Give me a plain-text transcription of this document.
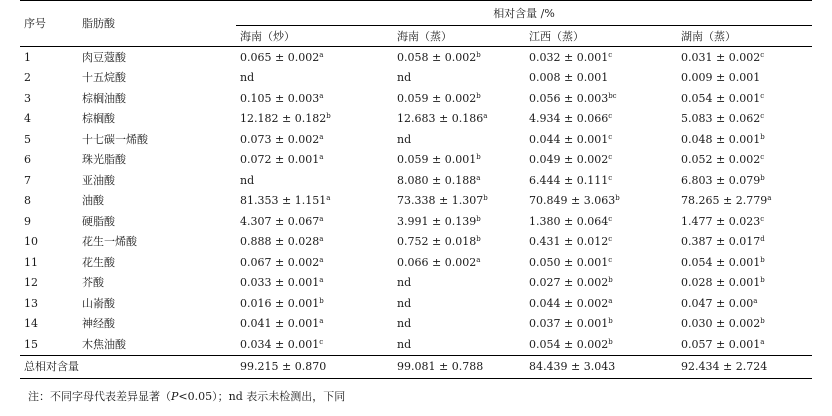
序号	脂肪酸	相对含量 /%			
		海南（炒）	海南（蒸）	江西（蒸）	湖南（蒸）
1	肉豆蔻酸	0.065 ± 0.002$^a$	0.058 ± 0.002$^b$	0.032 ± 0.001$^c$	0.031 ± 0.002$^c$
2	十五烷酸	nd	nd	0.008 ± 0.001	0.009 ± 0.001
3	棕榈油酸	0.105 ± 0.003$^a$	0.059 ± 0.002$^b$	0.056 ± 0.003$^{bc}$	0.054 ± 0.001$^c$
4	棕榈酸	12.182 ± 0.182$^b$	12.683 ± 0.186$^a$	4.934 ± 0.066$^c$	5.083 ± 0.062$^c$
5	十七碳一烯酸	0.073 ± 0.002$^a$	nd	0.044 ± 0.001$^c$	0.048 ± 0.001$^b$
6	珠光脂酸	0.072 ± 0.001$^a$	0.059 ± 0.001$^b$	0.049 ± 0.002$^c$	0.052 ± 0.002$^c$
7	亚油酸	nd	8.080 ± 0.188$^a$	6.444 ± 0.111$^c$	6.803 ± 0.079$^b$
8	油酸	81.353 ± 1.151$^a$	73.338 ± 1.307$^b$	70.849 ± 3.063$^b$	78.265 ± 2.779$^a$
9	硬脂酸	4.307 ± 0.067$^a$	3.991 ± 0.139$^b$	1.380 ± 0.064$^c$	1.477 ± 0.023$^c$
10	花生一烯酸	0.888 ± 0.028$^a$	0.752 ± 0.018$^b$	0.431 ± 0.012$^c$	0.387 ± 0.017$^d$
11	花生酸	0.067 ± 0.002$^a$	0.066 ± 0.002$^a$	0.050 ± 0.001$^c$	0.054 ± 0.001$^b$
12	芥酸	0.033 ± 0.001$^a$	nd	0.027 ± 0.002$^b$	0.028 ± 0.001$^b$
13	山嵛酸	0.016 ± 0.001$^b$	nd	0.044 ± 0.002$^a$	0.047 ± 0.00$^a$
14	神经酸	0.041 ± 0.001$^a$	nd	0.037 ± 0.001$^b$	0.030 ± 0.002$^b$
15	木焦油酸	0.034 ± 0.001$^c$	nd	0.054 ± 0.002$^b$	0.057 ± 0.001$^a$
总相对含量		99.215 ± 0.870	99.081 ± 0.788	84.439 ± 3.043	92.434 ± 2.724
注：不同字母代表差异显著（P<0.05）；nd 表示未检测出，下同
